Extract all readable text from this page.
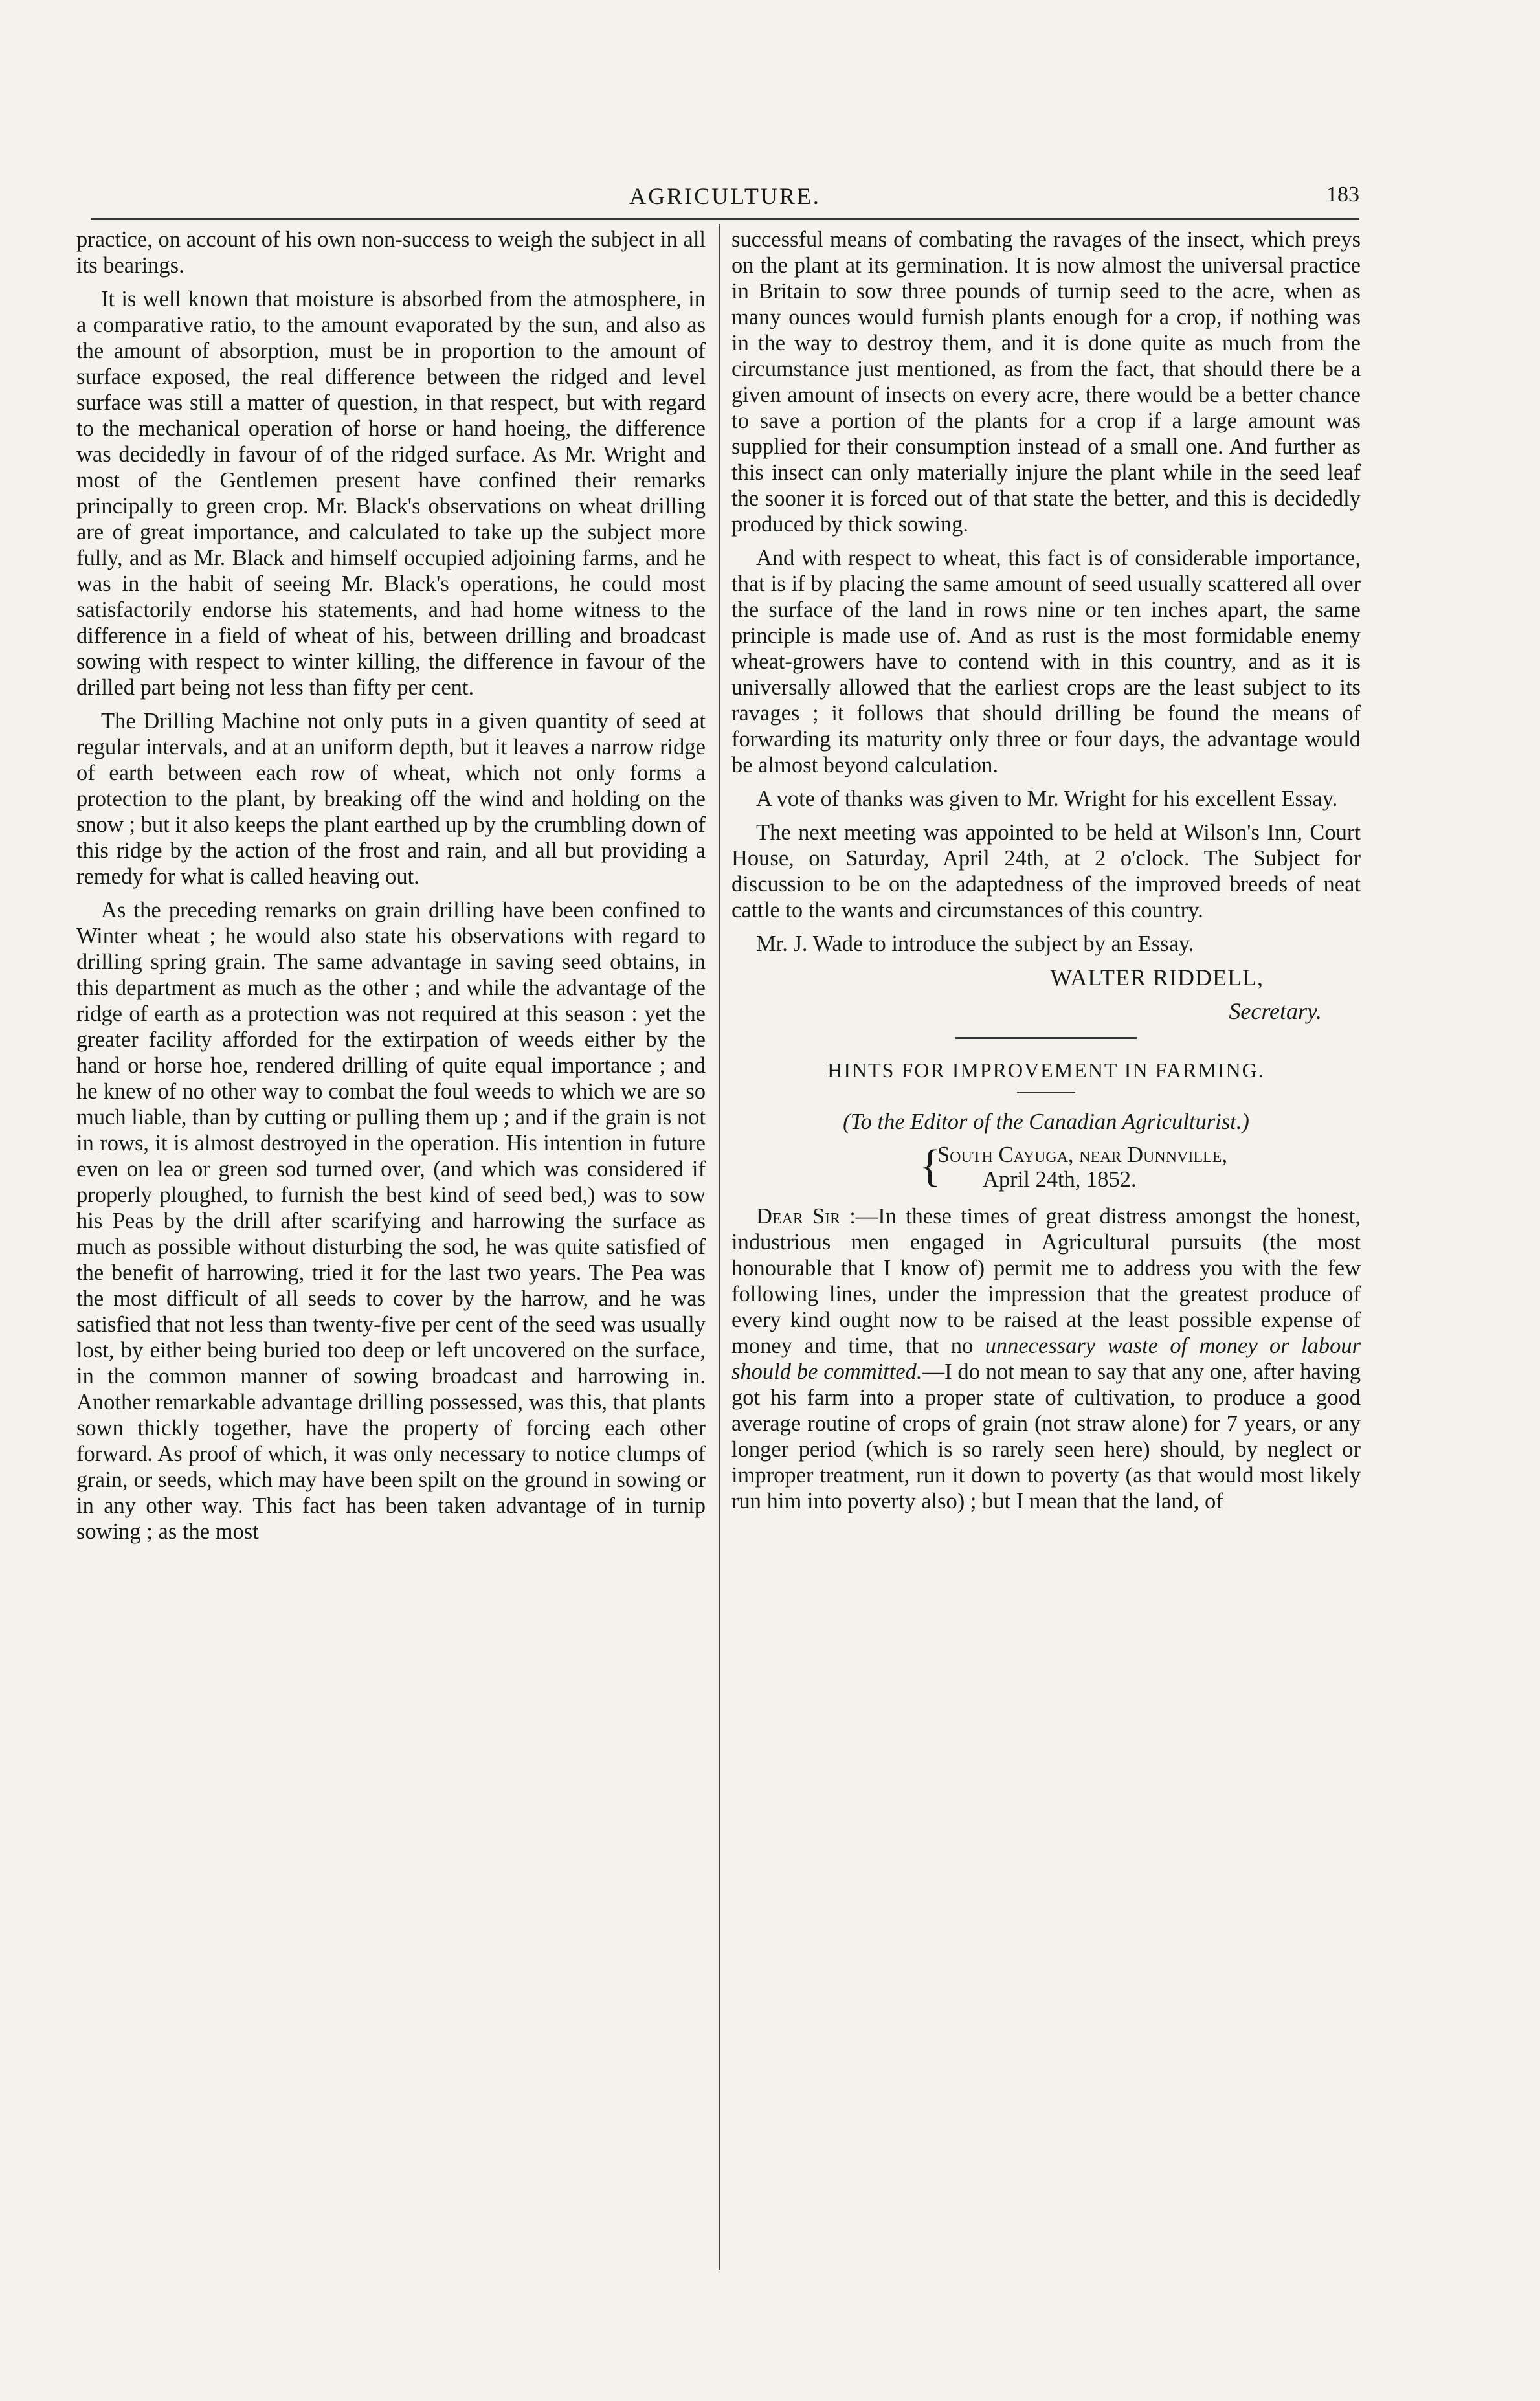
AGRICULTURE.	183

practice, on account of his own non-success to weigh the subject in all its bearings.

It is well known that moisture is absorbed from the atmosphere, in a comparative ratio, to the amount evaporated by the sun, and also as the amount of absorption, must be in proportion to the amount of surface exposed, the real difference between the ridged and level surface was still a matter of question, in that respect, but with regard to the mechanical operation of horse or hand hoeing, the difference was decidedly in favour of of the ridged surface. As Mr. Wright and most of the Gentlemen present have confined their remarks principally to green crop. Mr. Black's observations on wheat drilling are of great importance, and calculated to take up the subject more fully, and as Mr. Black and himself occupied adjoining farms, and he was in the habit of seeing Mr. Black's operations, he could most satisfactorily endorse his statements, and had home witness to the difference in a field of wheat of his, between drilling and broadcast sowing with respect to winter killing, the difference in favour of the drilled part being not less than fifty per cent.

The Drilling Machine not only puts in a given quantity of seed at regular intervals, and at an uniform depth, but it leaves a narrow ridge of earth between each row of wheat, which not only forms a protection to the plant, by breaking off the wind and holding on the snow ; but it also keeps the plant earthed up by the crumbling down of this ridge by the action of the frost and rain, and all but providing a remedy for what is called heaving out.

As the preceding remarks on grain drilling have been confined to Winter wheat ; he would also state his observations with regard to drilling spring grain. The same advantage in saving seed obtains, in this department as much as the other ; and while the advantage of the ridge of earth as a protection was not required at this season : yet the greater facility afforded for the extirpation of weeds either by the hand or horse hoe, rendered drilling of quite equal importance ; and he knew of no other way to combat the foul weeds to which we are so much liable, than by cutting or pulling them up ; and if the grain is not in rows, it is almost destroyed in the operation. His intention in future even on lea or green sod turned over, (and which was considered if properly ploughed, to furnish the best kind of seed bed,) was to sow his Peas by the drill after scarifying and harrowing the surface as much as possible without disturbing the sod, he was quite satisfied of the benefit of harrowing, tried it for the last two years. The Pea was the most difficult of all seeds to cover by the harrow, and he was satisfied that not less than twenty-five per cent of the seed was usually lost, by either being buried too deep or left uncovered on the surface, in the common manner of sowing broadcast and harrowing in. Another remarkable advantage drilling possessed, was this, that plants sown thickly together, have the property of forcing each other forward. As proof of which, it was only necessary to notice clumps of grain, or seeds, which may have been spilt on the ground in sowing or in any other way. This fact has been taken advantage of in turnip sowing ; as the most

successful means of combating the ravages of the insect, which preys on the plant at its germination. It is now almost the universal practice in Britain to sow three pounds of turnip seed to the acre, when as many ounces would furnish plants enough for a crop, if nothing was in the way to destroy them, and it is done quite as much from the circumstance just mentioned, as from the fact, that should there be a given amount of insects on every acre, there would be a better chance to save a portion of the plants for a crop if a large amount was supplied for their consumption instead of a small one. And further as this insect can only materially injure the plant while in the seed leaf the sooner it is forced out of that state the better, and this is decidedly produced by thick sowing.

And with respect to wheat, this fact is of considerable importance, that is if by placing the same amount of seed usually scattered all over the surface of the land in rows nine or ten inches apart, the same principle is made use of. And as rust is the most formidable enemy wheat-growers have to contend with in this country, and as it is universally allowed that the earliest crops are the least subject to its ravages ; it follows that should drilling be found the means of forwarding its maturity only three or four days, the advantage would be almost beyond calculation.

A vote of thanks was given to Mr. Wright for his excellent Essay.

The next meeting was appointed to be held at Wilson's Inn, Court House, on Saturday, April 24th, at 2 o'clock. The Subject for discussion to be on the adaptedness of the improved breeds of neat cattle to the wants and circumstances of this country.

Mr. J. Wade to introduce the subject by an Essay.

WALTER RIDDELL,

Secretary.

HINTS FOR IMPROVEMENT IN FARMING.

(To the Editor of the Canadian Agriculturist.)

{
South Cayuga, near Dunnville,
April 24th, 1852.

Dear Sir :—In these times of great distress amongst the honest, industrious men engaged in Agricultural pursuits (the most honourable that I know of) permit me to address you with the few following lines, under the impression that the greatest produce of every kind ought now to be raised at the least possible expense of money and time, that no unnecessary waste of money or labour should be committed.—I do not mean to say that any one, after having got his farm into a proper state of cultivation, to produce a good average routine of crops of grain (not straw alone) for 7 years, or any longer period (which is so rarely seen here) should, by neglect or improper treatment, run it down to poverty (as that would most likely run him into poverty also) ; but I mean that the land, of
